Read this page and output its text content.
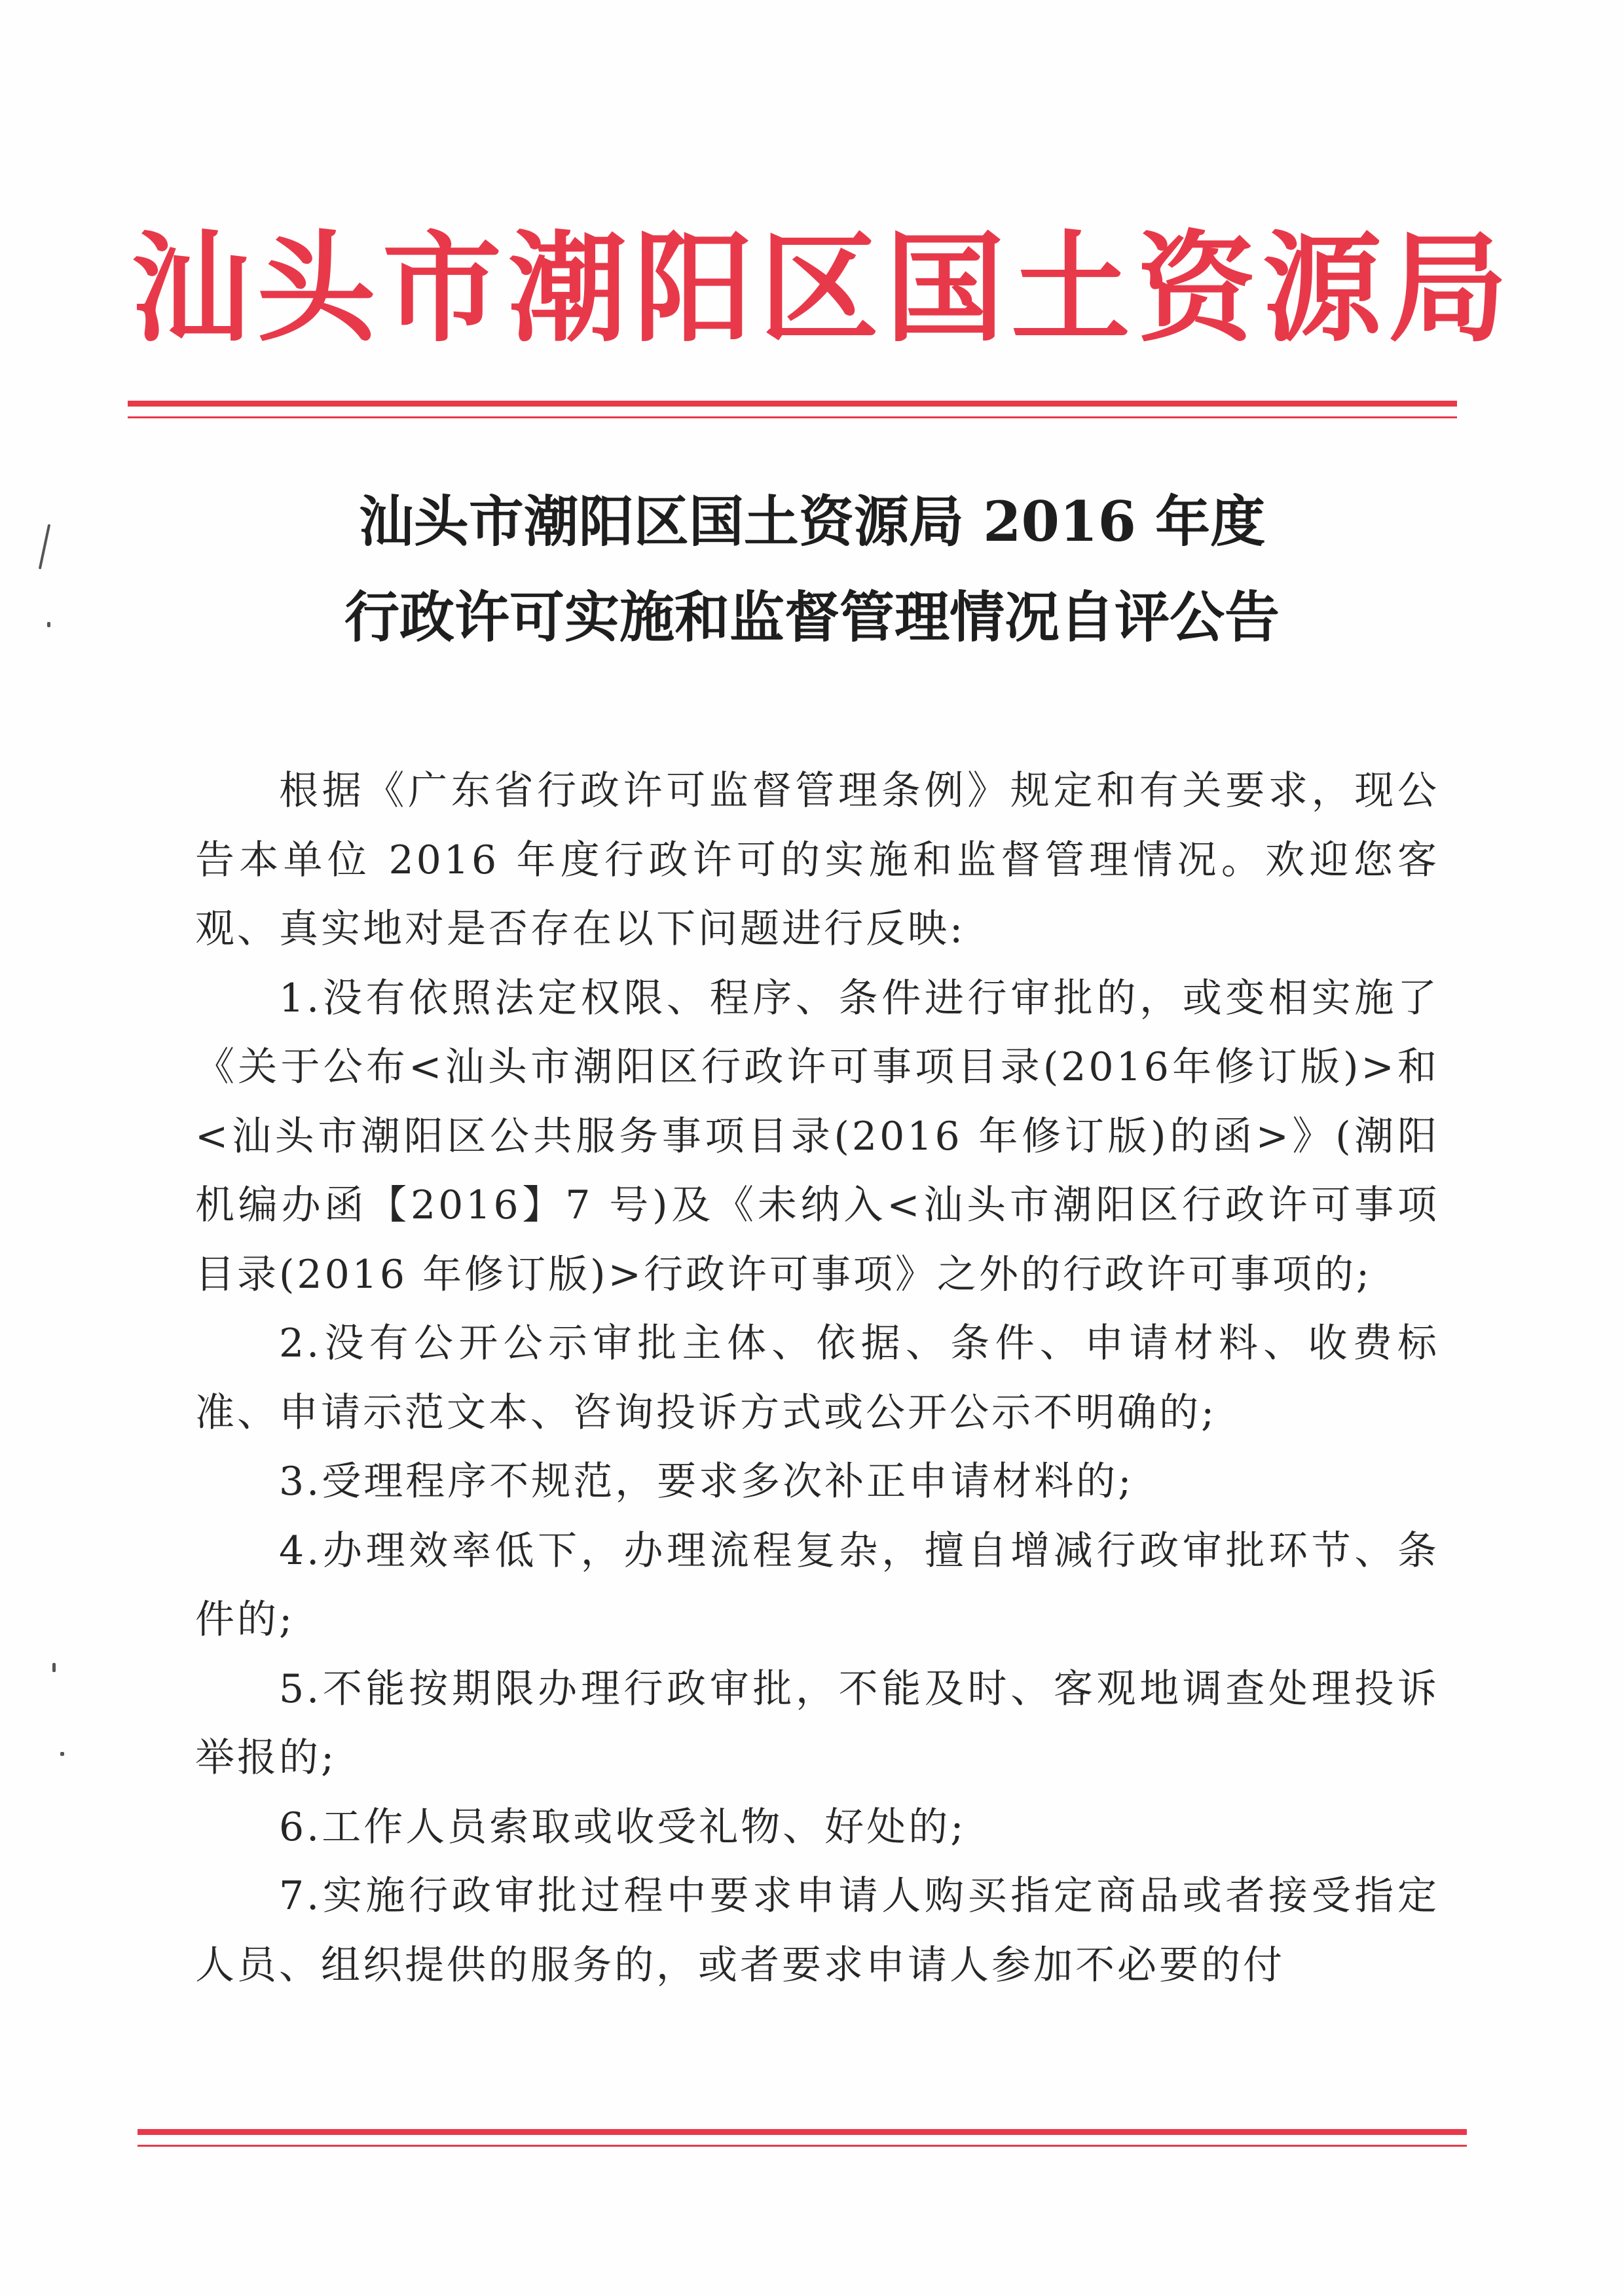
汕头市潮阳区国土资源局
汕头市潮阳区国土资源局 2016 年度
行政许可实施和监督管理情况自评公告

根据《广东省行政许可监督管理条例》规定和有关要求，现公告本单位 2016 年度行政许可的实施和监督管理情况。欢迎您客观、真实地对是否存在以下问题进行反映:

1.没有依照法定权限、程序、条件进行审批的，或变相实施了《关于公布<汕头市潮阳区行政许可事项目录(2016年修订版)>和<汕头市潮阳区公共服务事项目录(2016 年修订版)的函>》(潮阳机编办函【2016】7 号)及《未纳入<汕头市潮阳区行政许可事项目录(2016 年修订版)>行政许可事项》之外的行政许可事项的;

2.没有公开公示审批主体、依据、条件、申请材料、收费标准、申请示范文本、咨询投诉方式或公开公示不明确的;

3.受理程序不规范，要求多次补正申请材料的;

4.办理效率低下，办理流程复杂，擅自增减行政审批环节、条件的;

5.不能按期限办理行政审批，不能及时、客观地调查处理投诉举报的;

6.工作人员索取或收受礼物、好处的;

7.实施行政审批过程中要求申请人购买指定商品或者接受指定人员、组织提供的服务的，或者要求申请人参加不必要的付
